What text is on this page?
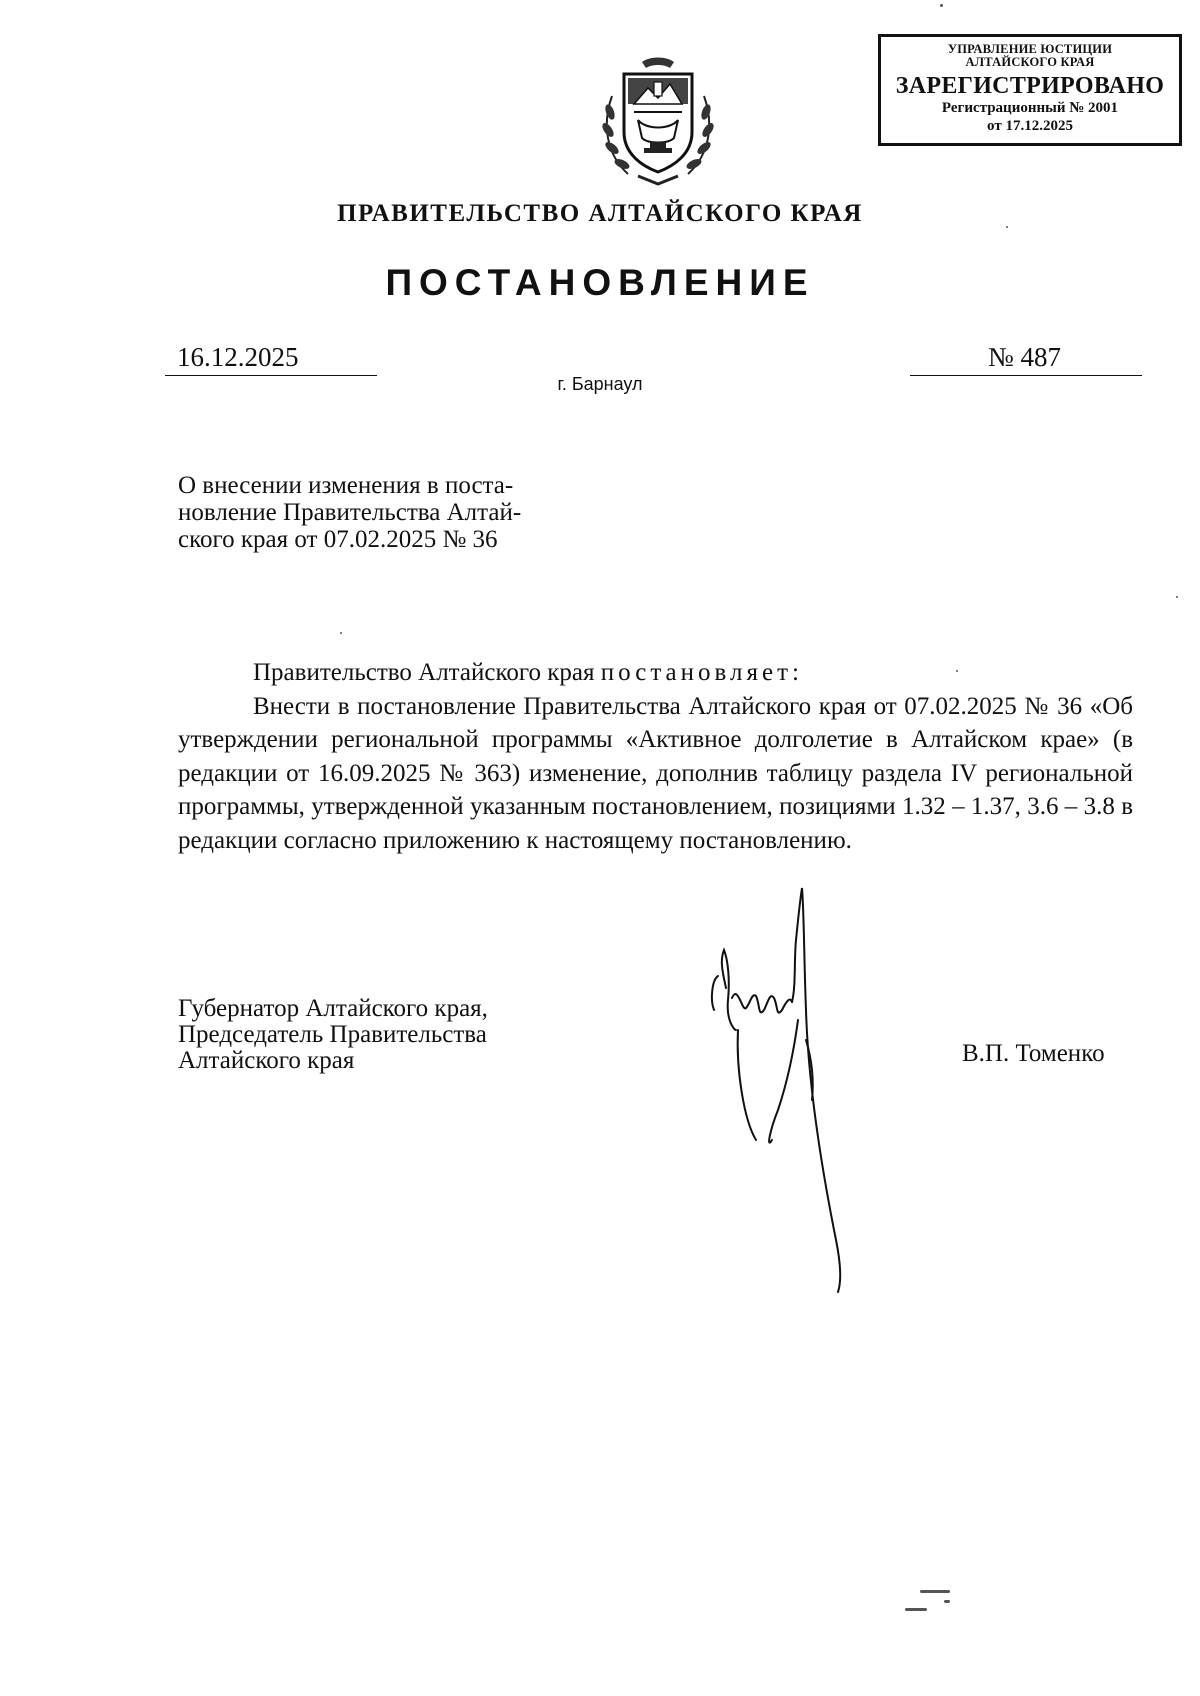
УПРАВЛЕНИЕ ЮСТИЦИИ
АЛТАЙСКОГО КРАЯ
ЗАРЕГИСТРИРОВАНО
Регистрационный № 2001
от 17.12.2025
ПРАВИТЕЛЬСТВО АЛТАЙСКОГО КРАЯ
ПОСТАНОВЛЕНИЕ
16.12.2025	№ 487
г. Барнаул
О внесении изменения в поста-
новление Правительства Алтай-
ского края от 07.02.2025 № 36
Правительство Алтайского края постановляет:
Внести в постановление Правительства Алтайского края от 07.02.2025 № 36 «Об утверждении региональной программы «Активное долголетие в Алтайском крае» (в редакции от 16.09.2025 № 363) изменение, дополнив таблицу раздела IV региональной программы, утвержденной указанным постановлением, позициями 1.32 – 1.37, 3.6 – 3.8 в редакции согласно приложению к настоящему постановлению.
Губернатор Алтайского края,
Председатель Правительства
Алтайского края	В.П. Томенко
